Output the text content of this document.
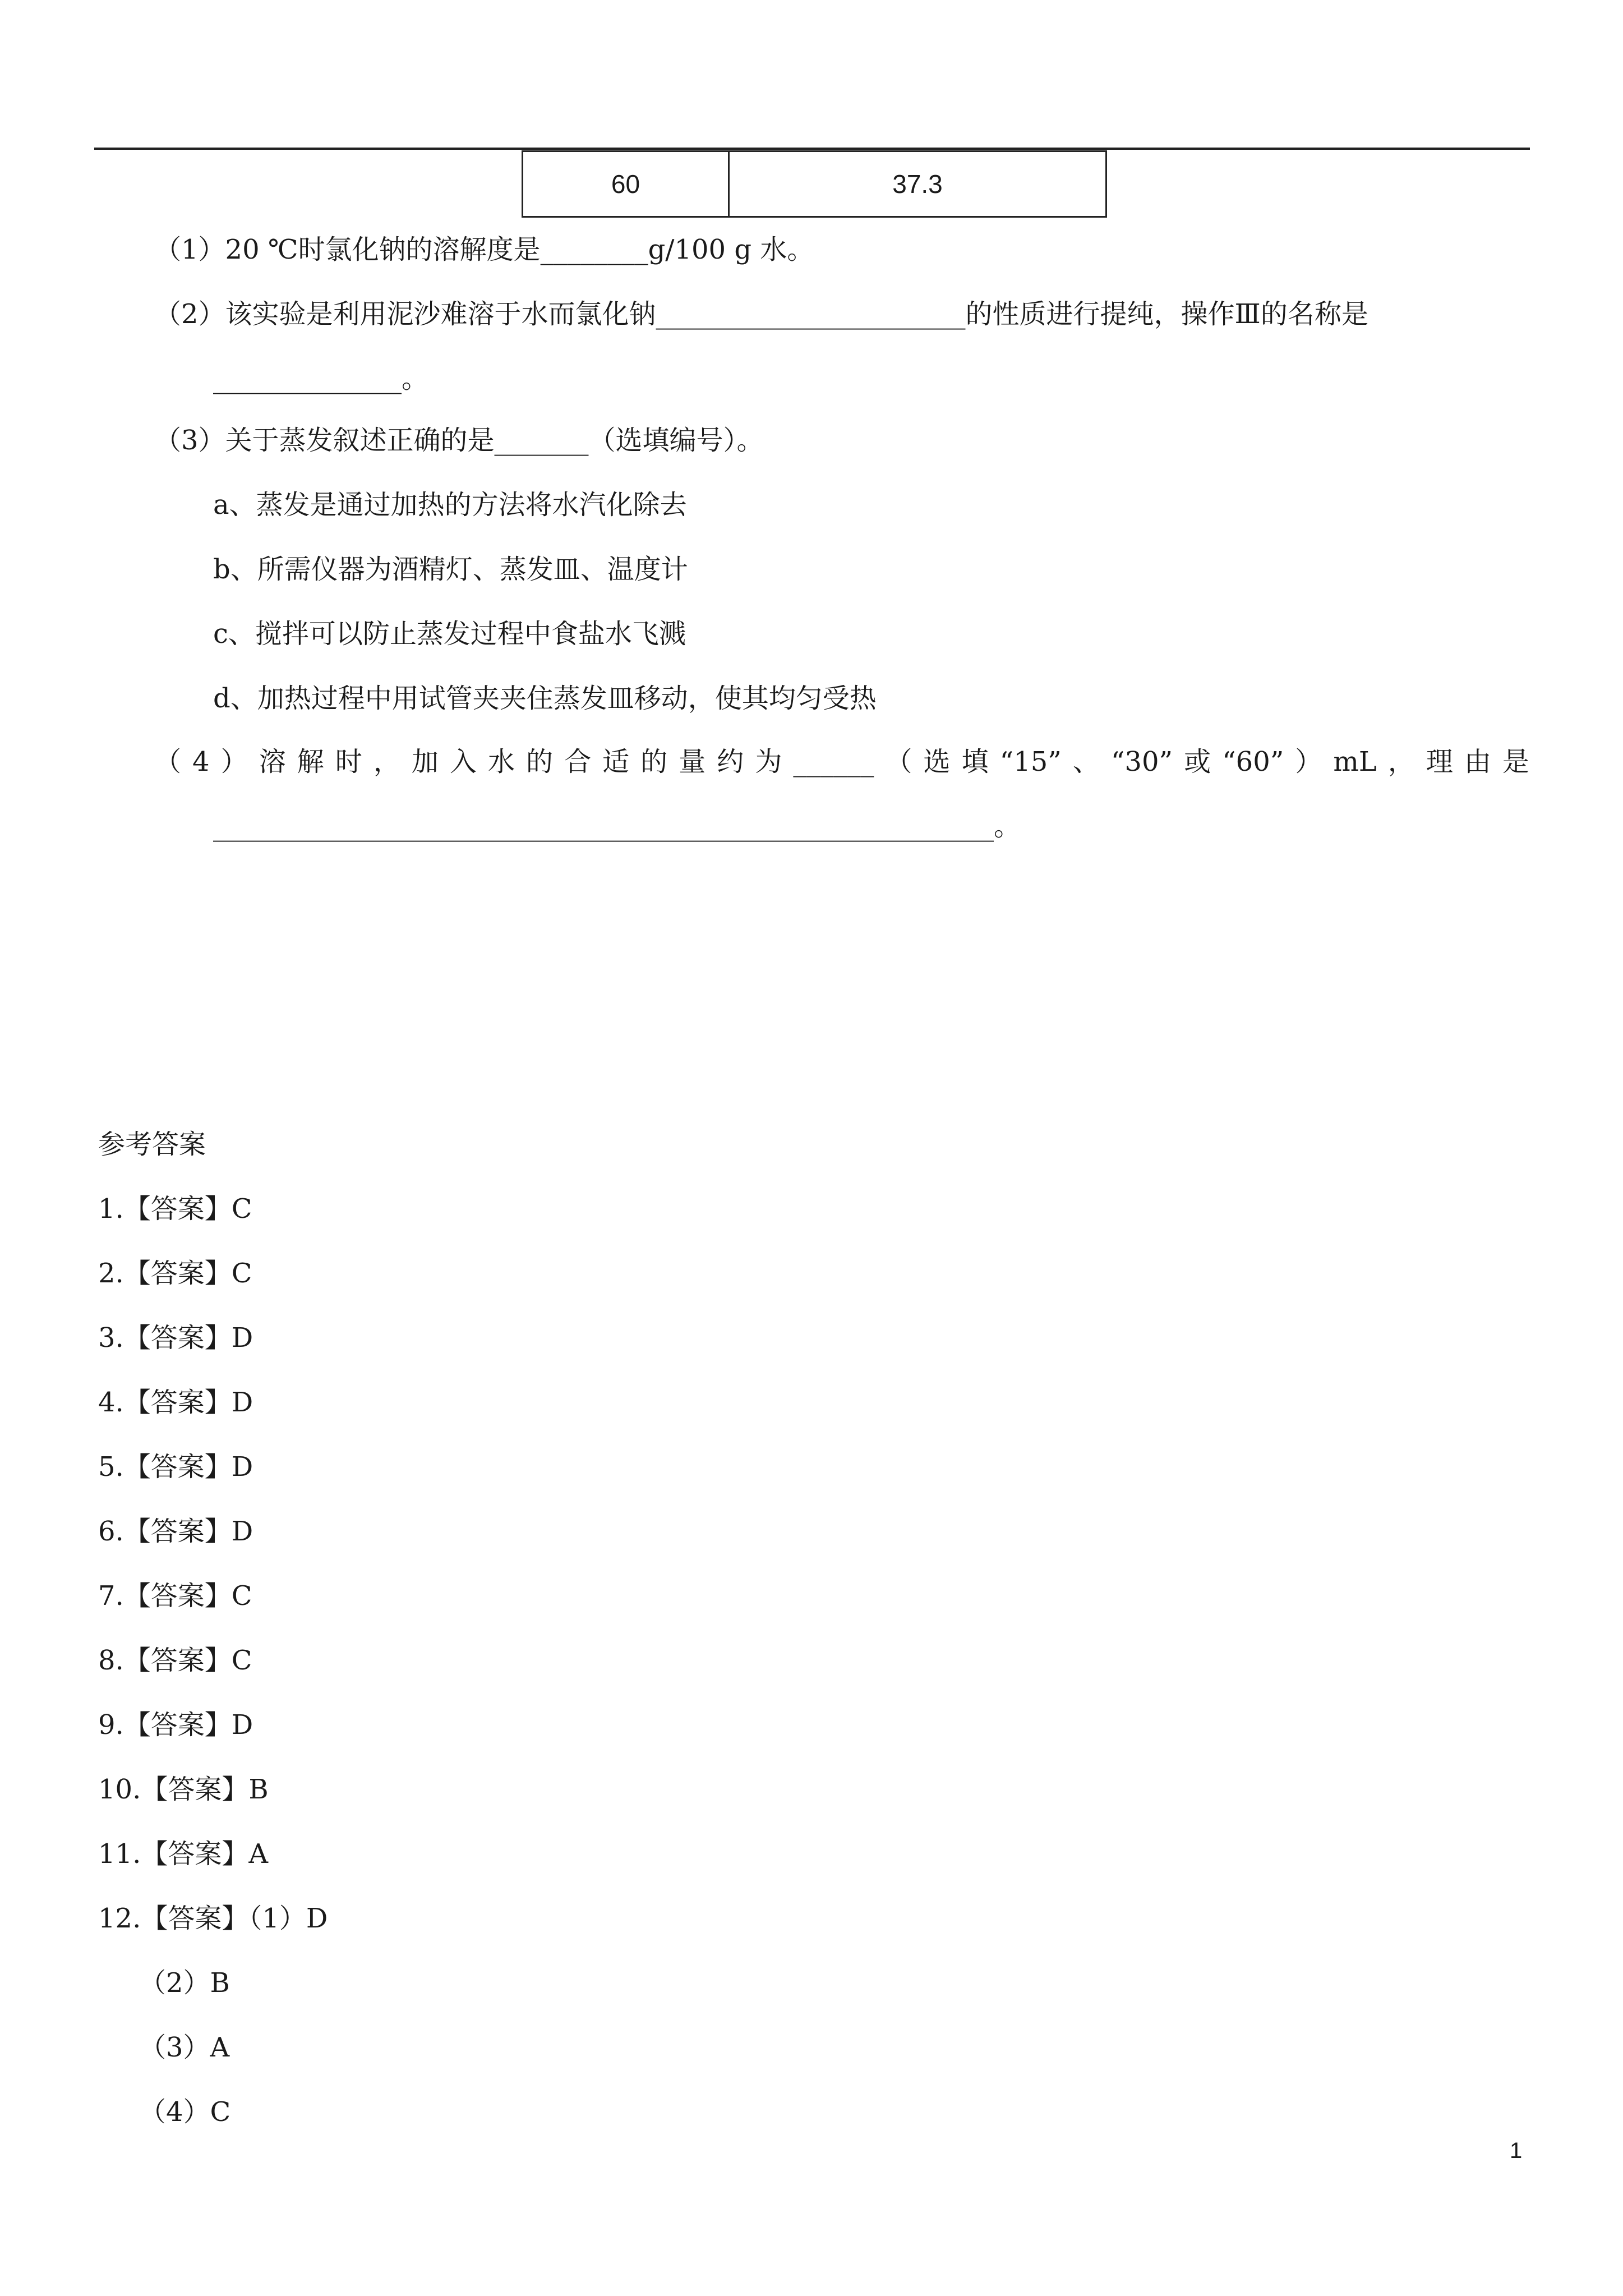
60	37.3
（1）20 ℃时氯化钠的溶解度是________g/100 g 水。
（2）该实验是利用泥沙难溶于水而氯化钠_______________________的性质进行提纯，操作Ⅲ的名称是
______________。
（3）关于蒸发叙述正确的是_______（选填编号）。
a、蒸发是通过加热的方法将水汽化除去
b、所需仪器为酒精灯、蒸发皿、温度计
c、搅拌可以防止蒸发过程中食盐水飞溅
d、加热过程中用试管夹夹住蒸发皿移动，使其均匀受热
（4）溶解时，加入水的合适的量约为______（选填“15”、“30”或“60”）mL，理由是
__________________________________________________________。
参考答案
1.【答案】C
2.【答案】C
3.【答案】D
4.【答案】D
5.【答案】D
6.【答案】D
7.【答案】C
8.【答案】C
9.【答案】D
10.【答案】B
11.【答案】A
12.【答案】（1）D
（2）B
（3）A
（4）C
1
